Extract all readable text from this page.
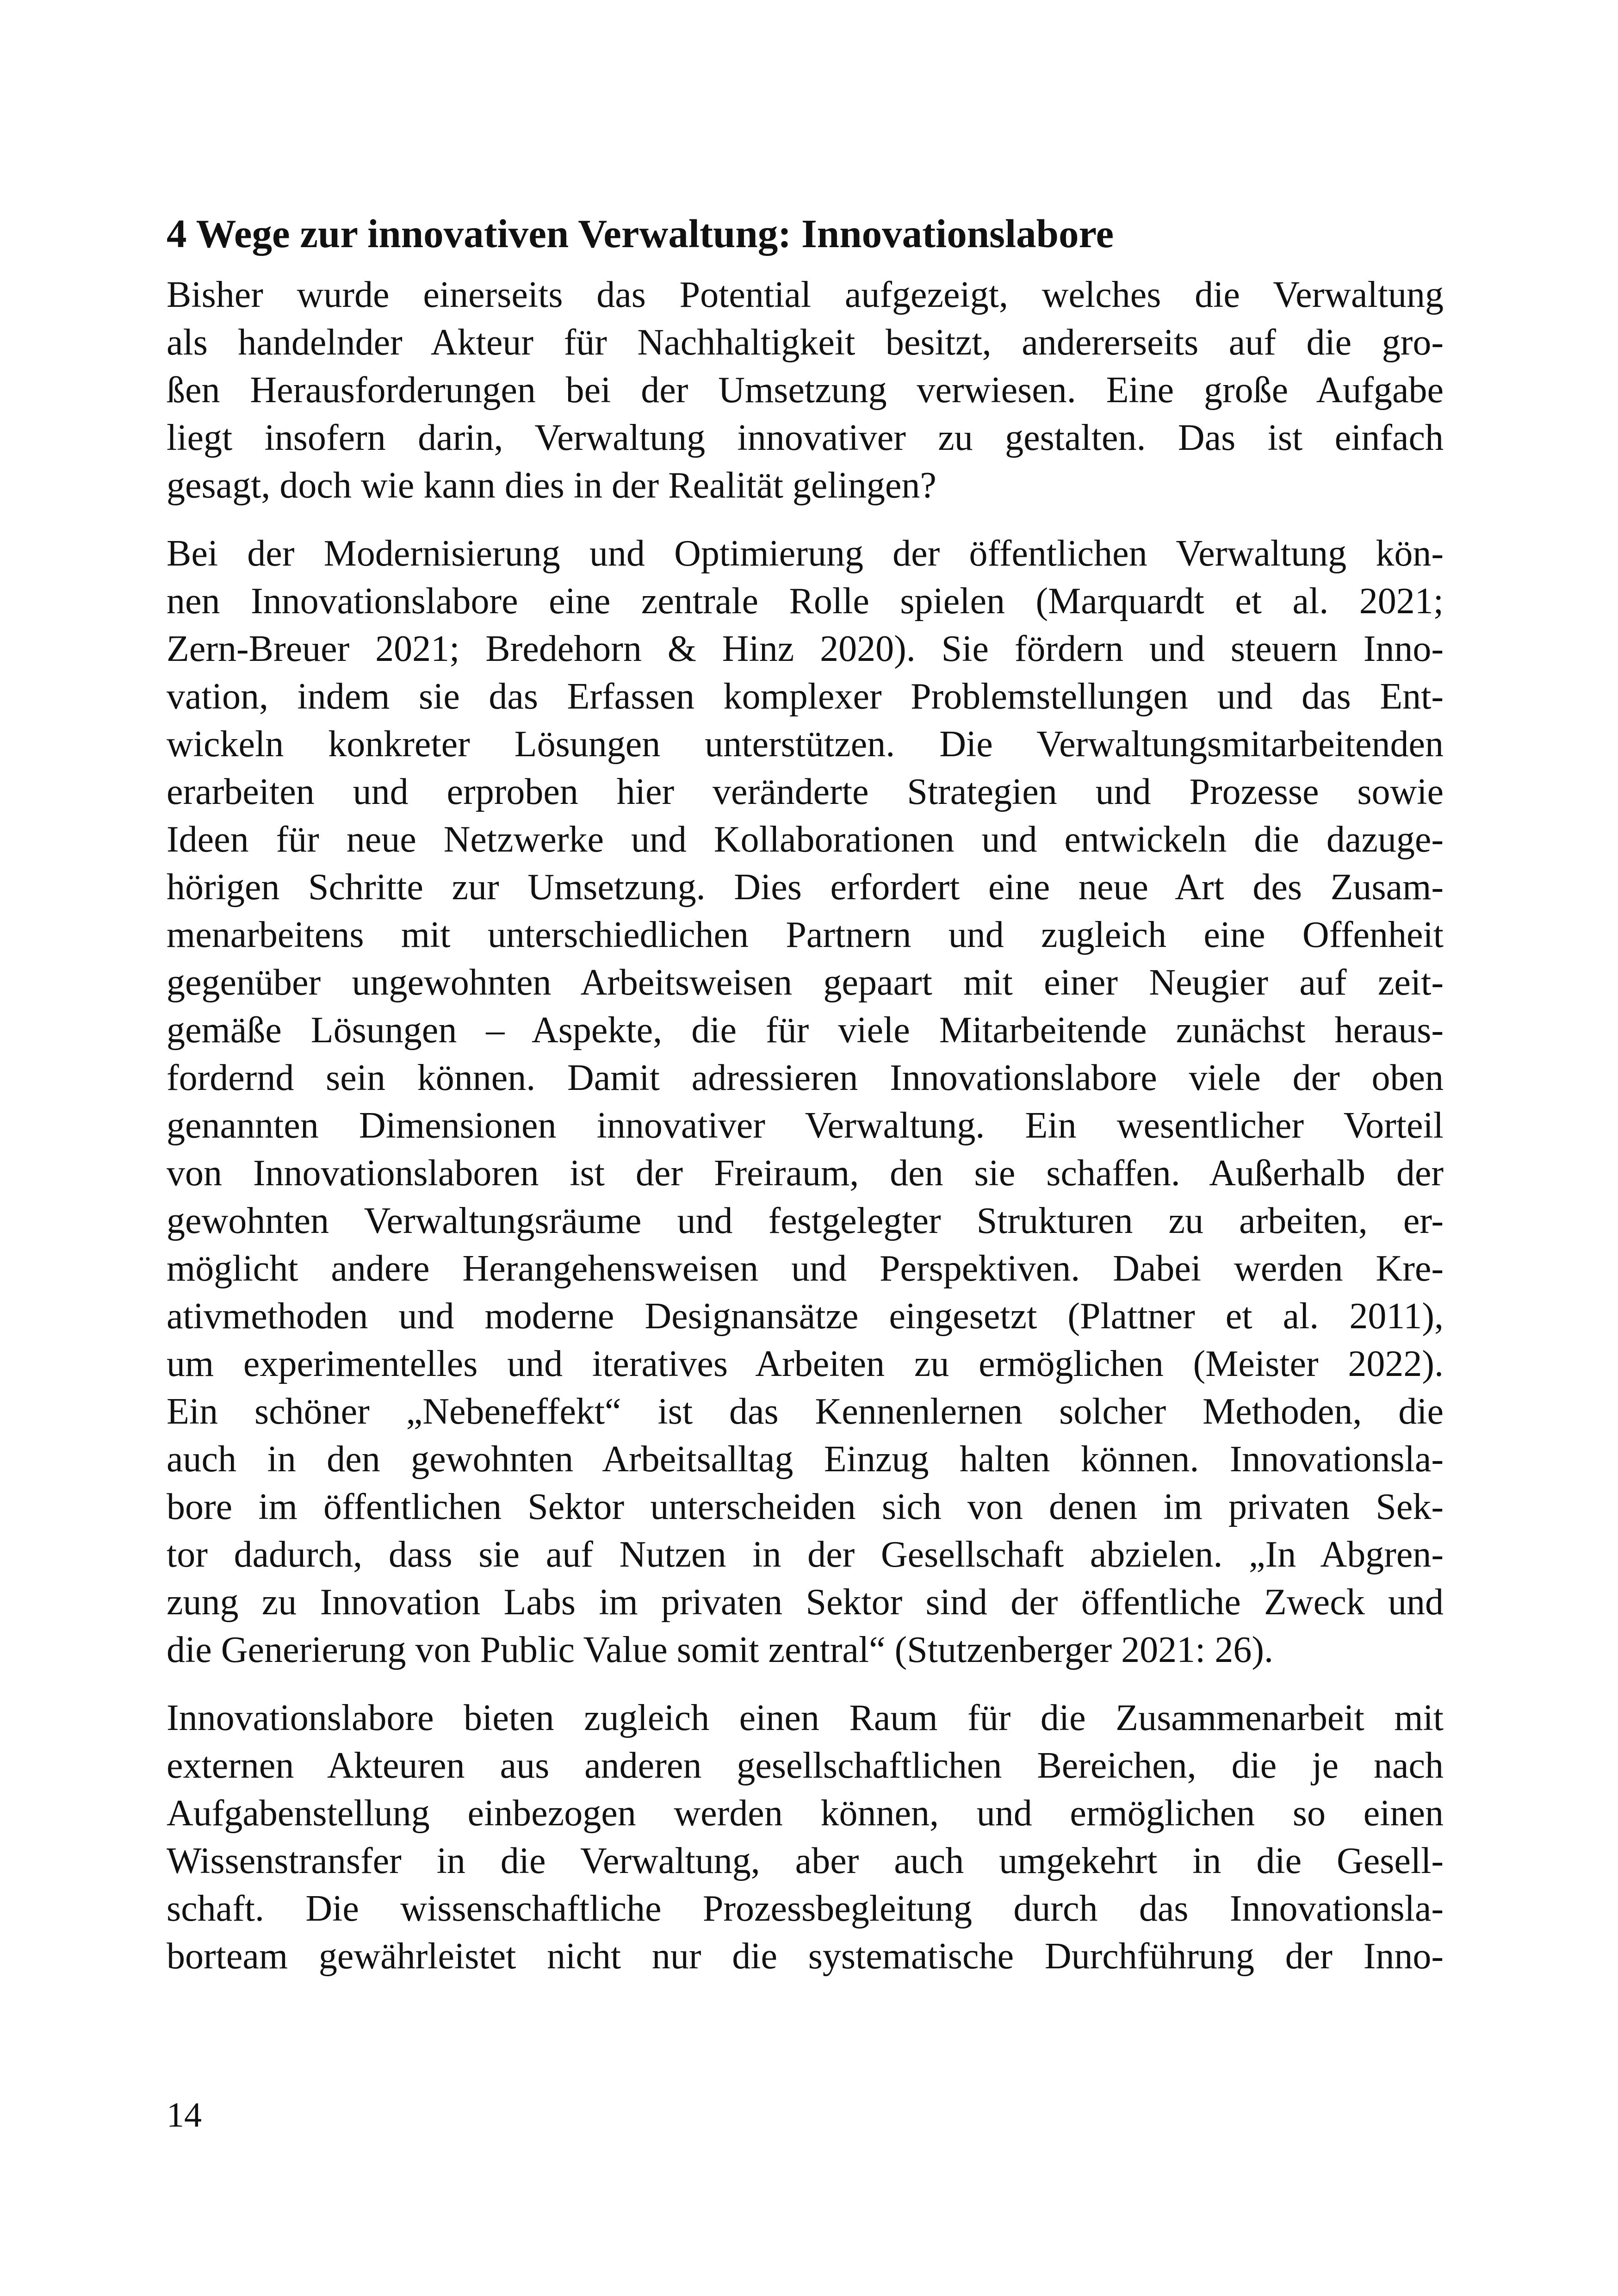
4 Wege zur innovativen Verwaltung: Innovationslabore

Bisher wurde einerseits das Potential aufgezeigt, welches die Verwaltung
als handelnder Akteur für Nachhaltigkeit besitzt, andererseits auf die gro-
ßen Herausforderungen bei der Umsetzung verwiesen. Eine große Aufgabe
liegt insofern darin, Verwaltung innovativer zu gestalten. Das ist einfach
gesagt, doch wie kann dies in der Realität gelingen?

Bei der Modernisierung und Optimierung der öffentlichen Verwaltung kön-
nen Innovationslabore eine zentrale Rolle spielen (Marquardt et al. 2021;
Zern-Breuer 2021; Bredehorn & Hinz 2020). Sie fördern und steuern Inno-
vation, indem sie das Erfassen komplexer Problemstellungen und das Ent-
wickeln konkreter Lösungen unterstützen. Die Verwaltungsmitarbeitenden
erarbeiten und erproben hier veränderte Strategien und Prozesse sowie
Ideen für neue Netzwerke und Kollaborationen und entwickeln die dazuge-
hörigen Schritte zur Umsetzung. Dies erfordert eine neue Art des Zusam-
menarbeitens mit unterschiedlichen Partnern und zugleich eine Offenheit
gegenüber ungewohnten Arbeitsweisen gepaart mit einer Neugier auf zeit-
gemäße Lösungen – Aspekte, die für viele Mitarbeitende zunächst heraus-
fordernd sein können. Damit adressieren Innovationslabore viele der oben
genannten Dimensionen innovativer Verwaltung. Ein wesentlicher Vorteil
von Innovationslaboren ist der Freiraum, den sie schaffen. Außerhalb der
gewohnten Verwaltungsräume und festgelegter Strukturen zu arbeiten, er-
möglicht andere Herangehensweisen und Perspektiven. Dabei werden Kre-
ativmethoden und moderne Designansätze eingesetzt (Plattner et al. 2011),
um experimentelles und iteratives Arbeiten zu ermöglichen (Meister 2022).
Ein schöner „Nebeneffekt“ ist das Kennenlernen solcher Methoden, die
auch in den gewohnten Arbeitsalltag Einzug halten können. Innovationsla-
bore im öffentlichen Sektor unterscheiden sich von denen im privaten Sek-
tor dadurch, dass sie auf Nutzen in der Gesellschaft abzielen. „In Abgren-
zung zu Innovation Labs im privaten Sektor sind der öffentliche Zweck und
die Generierung von Public Value somit zentral“ (Stutzenberger 2021: 26).

Innovationslabore bieten zugleich einen Raum für die Zusammenarbeit mit
externen Akteuren aus anderen gesellschaftlichen Bereichen, die je nach
Aufgabenstellung einbezogen werden können, und ermöglichen so einen
Wissenstransfer in die Verwaltung, aber auch umgekehrt in die Gesell-
schaft. Die wissenschaftliche Prozessbegleitung durch das Innovationsla-
borteam gewährleistet nicht nur die systematische Durchführung der Inno-

14
